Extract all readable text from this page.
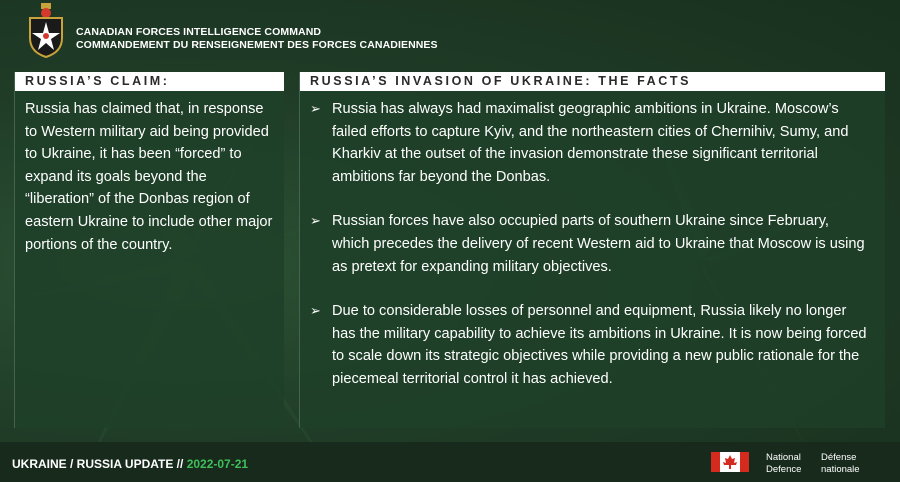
CANADIAN FORCES INTELLIGENCE COMMAND
COMMANDEMENT DU RENSEIGNEMENT DES FORCES CANADIENNES
RUSSIA’S CLAIM:
Russia has claimed that, in response to Western military aid being provided to Ukraine, it has been “forced” to expand its goals beyond the “liberation” of the Donbas region of eastern Ukraine to include other major portions of the country.
RUSSIA’S INVASION OF UKRAINE: THE FACTS
➢ Russia has always had maximalist geographic ambitions in Ukraine. Moscow’s failed efforts to capture Kyiv, and the northeastern cities of Chernihiv, Sumy, and Kharkiv at the outset of the invasion demonstrate these significant territorial ambitions far beyond the Donbas.
➢ Russian forces have also occupied parts of southern Ukraine since February, which precedes the delivery of recent Western aid to Ukraine that Moscow is using as pretext for expanding military objectives.
➢ Due to considerable losses of personnel and equipment, Russia likely no longer has the military capability to achieve its ambitions in Ukraine. It is now being forced to scale down its strategic objectives while providing a new public rationale for the piecemeal territorial control it has achieved.
UKRAINE / RUSSIA UPDATE // 2022-07-21	National
Defence
Défense
nationale
